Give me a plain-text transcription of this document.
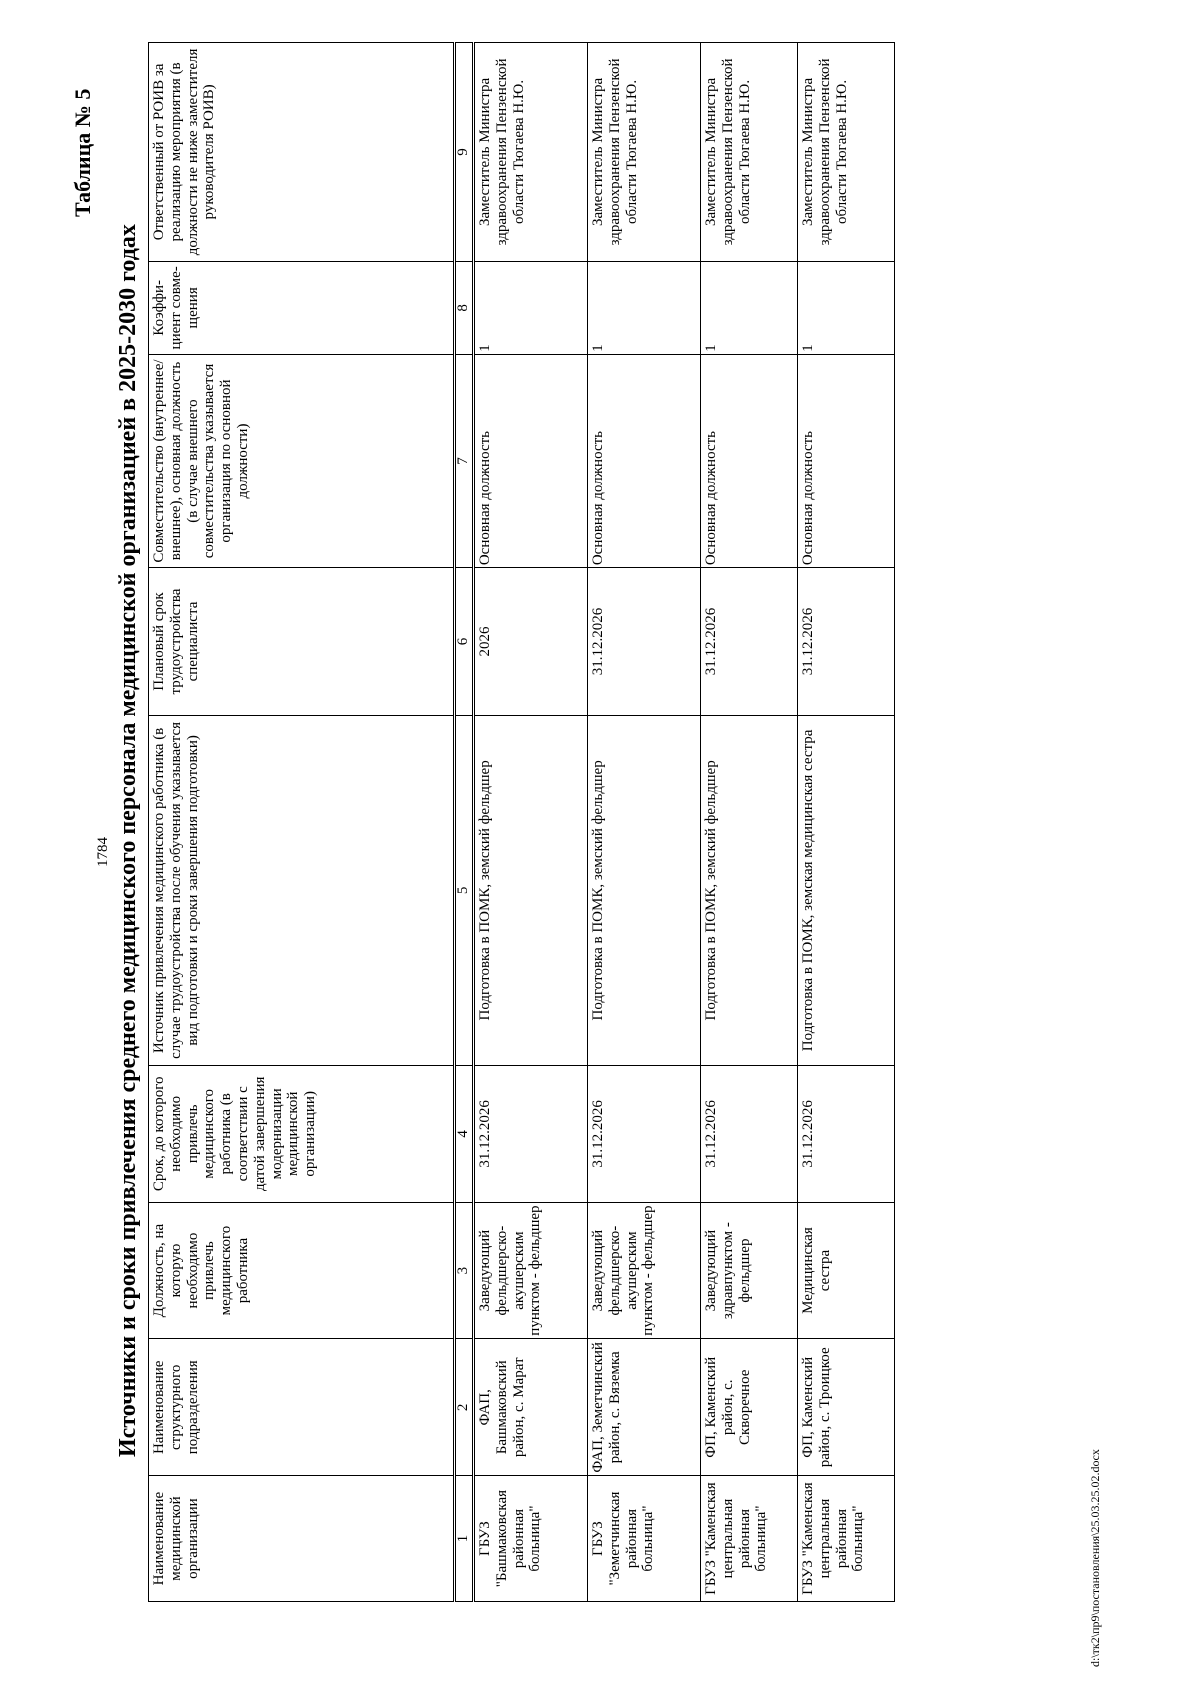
Таблица № 5
1784 Источники и сроки привлечения среднего медицинского персонала медицинской организацией в 2025-2030 годах
Наименование медицинской организации	Наименование структурного подразделения	Должность, на которую необходимо привлечь медицинского работника	Срок, до которого необходимо привлечь медицинского работника (в соответствии с датой завершения модернизации медицинской организации)	Источник привлечения медицинского работника (в случае трудоустройства после обучения указывается вид подготовки и сроки завершения подготовки)	Плановый срок трудоустройства специалиста	Совместительство (внутреннее/ внешнее), основная должность (в случае внешнего совместительства указывается организация по основной должности)	Коэффи-циент совме-щения	Ответственный от РОИВ за реализацию мероприятия (в должности не ниже заместителя руководителя РОИВ)
1	2	3	4	5	6	7	8	9
ГБУЗ "Башмаковская районная больница"	ФАП, Башмаковский район, с. Марат	Заведующий фельдшерско-акушерским пунктом - фельдшер	31.12.2026	Подготовка в ПОМК, земский фельдшер	2026	Основная должность	1	Заместитель Министра здравоохранения Пензенской области Тюгаева Н.Ю.
ГБУЗ "Земетчинская районная больница"	ФАП, Земетчинский район, с. Вяземка	Заведующий фельдшерско-акушерским пунктом - фельдшер	31.12.2026	Подготовка в ПОМК, земский фельдшер	31.12.2026	Основная должность	1	Заместитель Министра здравоохранения Пензенской области Тюгаева Н.Ю.
ГБУЗ "Каменская центральная районная больница"	ФП, Каменский район, с. Скворечное	Заведующий здравпунктом - фельдшер	31.12.2026	Подготовка в ПОМК, земский фельдшер	31.12.2026	Основная должность	1	Заместитель Министра здравоохранения Пензенской области Тюгаева Н.Ю.
ГБУЗ "Каменская центральная районная больница"	ФП, Каменский район, с. Троицкое	Медицинская сестра	31.12.2026	Подготовка в ПОМК, земская медицинская сестра	31.12.2026	Основная должность	1	Заместитель Министра здравоохранения Пензенской области Тюгаева Н.Ю.
d:\тк2\пр9\постановления\25.03.25.02.docx
